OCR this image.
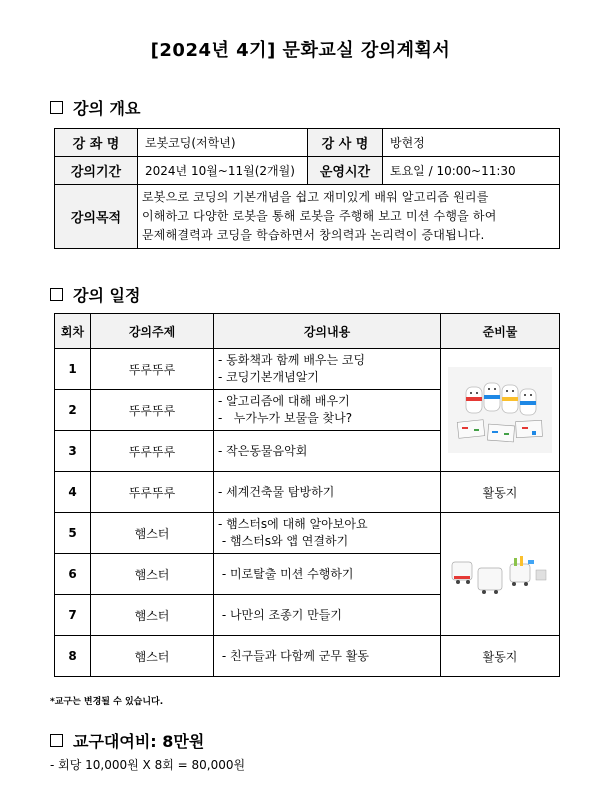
[2024년 4기] 문화교실 강의계획서
강의 개요
강 좌 명	로봇코딩(저학년)	강 사 명	방현정
강의기간	2024년 10월~11월(2개월)	운영시간	토요일 / 10:00~11:30
강의목적	로봇으로 코딩의 기본개념을 쉽고 재미있게 배워 알고리즘 원리를
이해하고 다양한 로봇을 통해 로봇을 주행해 보고 미션 수행을 하여
문제해결력과 코딩을 학습하면서 창의력과 논리력이 증대됩니다.		
강의 일정
회차	강의주제	강의내용	준비물
1	뚜루뚜루	- 동화책과 함께 배우는 코딩
- 코딩기본개념알기

2	뚜루뚜루	- 알고리즘에 대해 배우기
-   누가누가 보물을 찾나?	

3	뚜루뚜루	- 작은동물음악회	

4	뚜루뚜루	- 세계건축물 탐방하기	활동지
5	햄스터	- 햄스터s에 대해 알아보아요
- 햄스터s와 앱 연결하기

6	햄스터	- 미로탈출 미션 수행하기	

7	햄스터	- 나만의 조종기 만들기	

8	햄스터	- 친구들과 다함께 군무 활동	활동지
*교구는 변경될 수 있습니다.
교구대여비: 8만원
- 회당 10,000원 X 8회 = 80,000원
